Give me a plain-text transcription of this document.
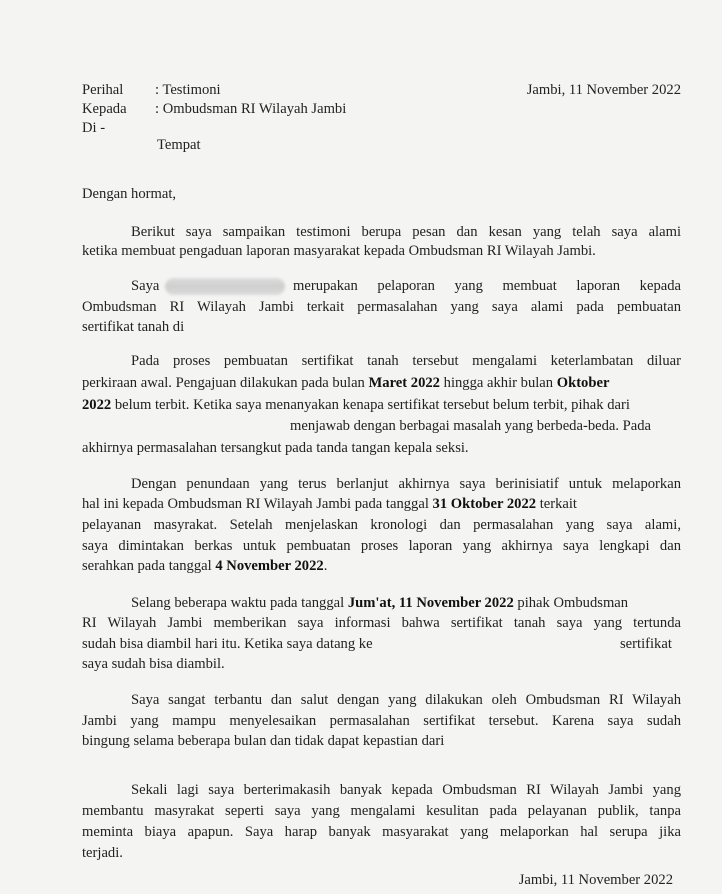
Perihal : Testimoni
Kepada : Ombudsman RI Wilayah Jambi
Di -
Tempat
Jambi, 11 November 2022
Dengan hormat,
Berikut saya sampaikan testimoni berupa pesan dan kesan yang telah saya alami
ketika membuat pengaduan laporan masyarakat kepada Ombudsman RI Wilayah Jambi.
Saya	merupakan pelaporan yang membuat laporan kepada
Ombudsman RI Wilayah Jambi terkait permasalahan yang saya alami pada pembuatan
sertifikat tanah di
Pada proses pembuatan sertifikat tanah tersebut mengalami keterlambatan diluar
perkiraan awal. Pengajuan dilakukan pada bulan Maret 2022 hingga akhir bulan Oktober
2022 belum terbit. Ketika saya menanyakan kenapa sertifikat tersebut belum terbit, pihak dari
menjawab dengan berbagai masalah yang berbeda-beda. Pada
akhirnya permasalahan tersangkut pada tanda tangan kepala seksi.
Dengan penundaan yang terus berlanjut akhirnya saya berinisiatif untuk melaporkan
hal ini kepada Ombudsman RI Wilayah Jambi pada tanggal 31 Oktober 2022 terkait
pelayanan masyrakat. Setelah menjelaskan kronologi dan permasalahan yang saya alami,
saya dimintakan berkas untuk pembuatan proses laporan yang akhirnya saya lengkapi dan
serahkan pada tanggal 4 November 2022.
Selang beberapa waktu pada tanggal Jum'at, 11 November 2022 pihak Ombudsman
RI Wilayah Jambi memberikan saya informasi bahwa sertifikat tanah saya yang tertunda
sudah bisa diambil hari itu. Ketika saya datang ke	sertifikat
saya sudah bisa diambil.
Saya sangat terbantu dan salut dengan yang dilakukan oleh Ombudsman RI Wilayah
Jambi yang mampu menyelesaikan permasalahan sertifikat tersebut. Karena saya sudah
bingung selama beberapa bulan dan tidak dapat kepastian dari
Sekali lagi saya berterimakasih banyak kepada Ombudsman RI Wilayah Jambi yang
membantu masyrakat seperti saya yang mengalami kesulitan pada pelayanan publik, tanpa
meminta biaya apapun. Saya harap banyak masyarakat yang melaporkan hal serupa jika
terjadi.
Jambi, 11 November 2022
